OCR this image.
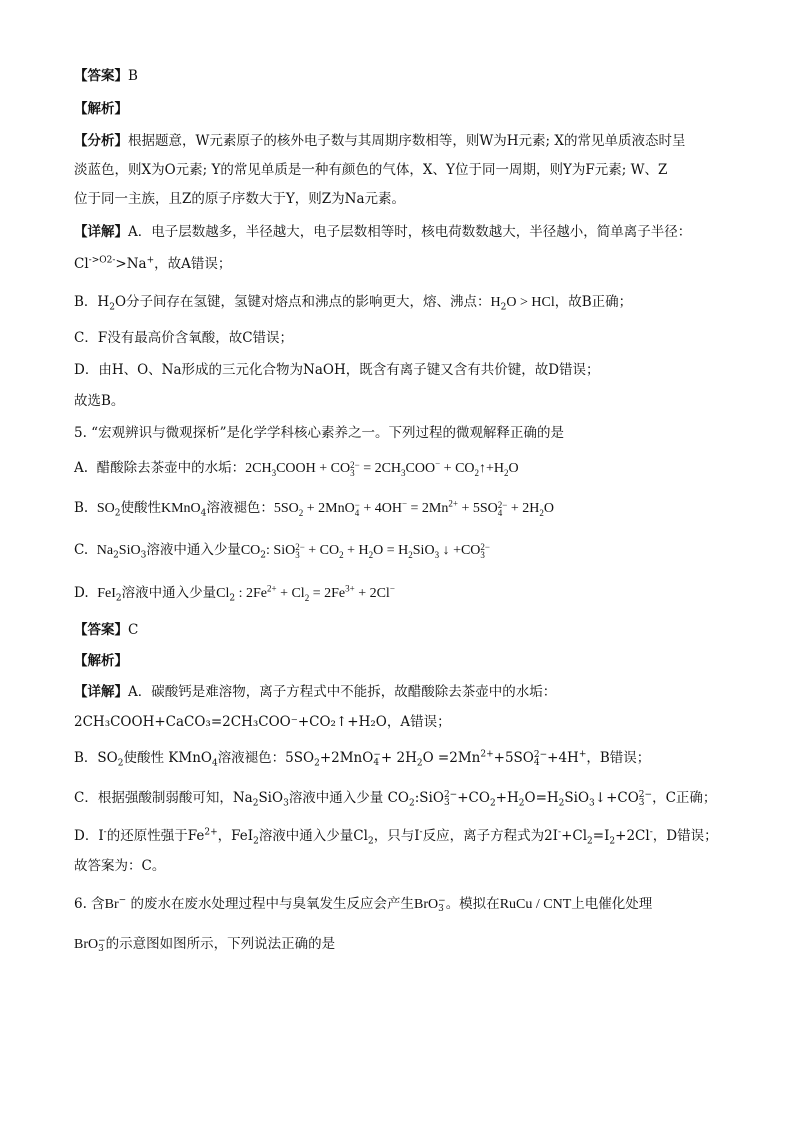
【答案】B
【解析】
【分析】根据题意，W元素原子的核外电子数与其周期序数相等，则W为H元素; X的常见单质液态时呈
淡蓝色，则X为O元素; Y的常见单质是一种有颜色的气体，X、Y位于同一周期，则Y为F元素; W、Z
位于同一主族，且Z的原子序数大于Y，则Z为Na元素。
【详解】A．电子层数越多，半径越大，电子层数相等时，核电荷数数越大，半径越小，简单离子半径：
$Cl^{->O2-}>Na^+$，故A错误；
B．$H_2O$分子间存在氢键，氢键对熔点和沸点的影响更大，熔、沸点：$H_2O$ > HCl，故B正确；
C．F没有最高价含氧酸，故C错误；
D．由H、O、Na形成的三元化合物为NaOH，既含有离子键又含有共价键，故D错误；
故选B。
5. “宏观辨识与微观探析”是化学学科核心素养之一。下列过程的微观解释正确的是
A. 醋酸除去茶壶中的水垢：$2CH_3COOH$ + CO 2−
$3 = 2CH_3COO^-$ + $CO_2↑+H_2O$
B. $SO_2$使酸性KMnO$_4$溶液褪色：$5SO_2 + 2MnO$ −
$4 + 4OH^- = 2Mn^{2+} + 5SO$ 2−
$4 + 2H_2O$
C. $Na_2SiO_3$溶液中通入少量$CO_2$: SiO 2−
$3 + CO_2 + H_2O = H_2SiO_3$ ↓ +CO 2−
3
D. FeI$_2$溶液中通入少量$Cl_2$ : $2Fe^{2+} + Cl_2 = 2Fe^{3+} + 2Cl^-$
【答案】C
【解析】
【详解】A．碳酸钙是难溶物，离子方程式中不能拆，故醋酸除去茶壶中的水垢：
2CH₃COOH+CaCO₃=2CH₃COO⁻+CO₂↑+H₂O，A错误；
B．$SO_2$使酸性 KMnO$_4$溶液褪色：$5SO_2+2MnO$ −
$4 + 2H_2O =2Mn^{2+}+5SO$ 2−
4 +4H+，B错误；
C．根据强酸制弱酸可知，$Na_2SiO_3$溶液中通入少量 $CO_2:SiO$ 2−
$3 +CO_2+H_2O=H_2SiO_3↓+CO$ 2−
3 ，C正确；
D．I-的还原性强于$Fe^{2+}$，FeI$_2$溶液中通入少量$Cl_2$，只与I-反应，离子方程式为$2I^-+Cl_2=I_2+2Cl^-$，D错误；
故答案为：C。
6. 含Br− 的废水在废水处理过程中与臭氧发生反应会产生BrO −
3 。模拟在RuCu / CNT上电催化处理
BrO −
3 的示意图如图所示，下列说法正确的是
